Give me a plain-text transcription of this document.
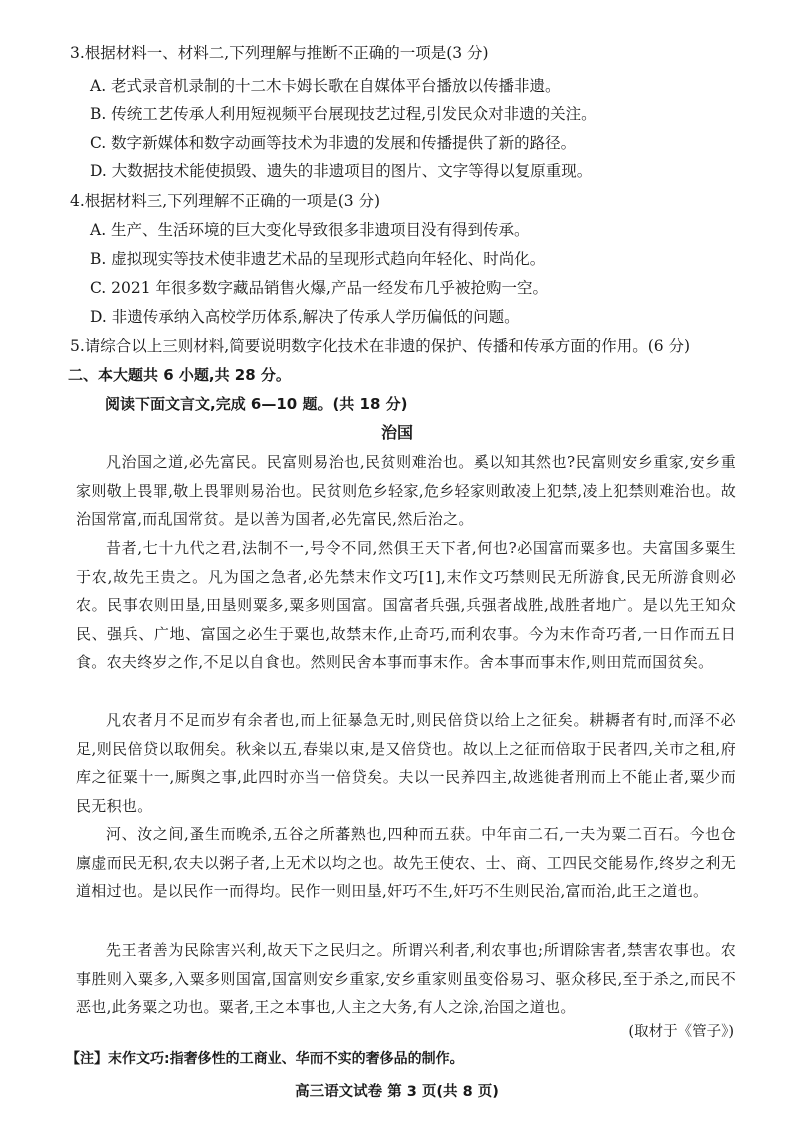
3.根据材料一、材料二,下列理解与推断不正确的一项是(3 分)
A. 老式录音机录制的十二木卡姆长歌在自媒体平台播放以传播非遗。
B. 传统工艺传承人利用短视频平台展现技艺过程,引发民众对非遗的关注。
C. 数字新媒体和数字动画等技术为非遗的发展和传播提供了新的路径。
D. 大数据技术能使损毁、遗失的非遗项目的图片、文字等得以复原重现。
4.根据材料三,下列理解不正确的一项是(3 分)
A. 生产、生活环境的巨大变化导致很多非遗项目没有得到传承。
B. 虚拟现实等技术使非遗艺术品的呈现形式趋向年轻化、时尚化。
C. 2021 年很多数字藏品销售火爆,产品一经发布几乎被抢购一空。
D. 非遗传承纳入高校学历体系,解决了传承人学历偏低的问题。
5.请综合以上三则材料,简要说明数字化技术在非遗的保护、传播和传承方面的作用。(6 分)
二、本大题共 6 小题,共 28 分。
阅读下面文言文,完成 6—10 题。(共 18 分)
治国
凡治国之道,必先富民。民富则易治也,民贫则难治也。奚以知其然也?民富则安乡重家,安乡重家则敬上畏罪,敬上畏罪则易治也。民贫则危乡轻家,危乡轻家则敢凌上犯禁,凌上犯禁则难治也。故治国常富,而乱国常贫。是以善为国者,必先富民,然后治之。
昔者,七十九代之君,法制不一,号令不同,然俱王天下者,何也?必国富而粟多也。夫富国多粟生于农,故先王贵之。凡为国之急者,必先禁末作文巧[1],末作文巧禁则民无所游食,民无所游食则必农。民事农则田垦,田垦则粟多,粟多则国富。国富者兵强,兵强者战胜,战胜者地广。是以先王知众民、强兵、广地、富国之必生于粟也,故禁末作,止奇巧,而利农事。今为末作奇巧者,一日作而五日食。农夫终岁之作,不足以自食也。然则民舍本事而事末作。舍本事而事末作,则田荒而国贫矣。
凡农者月不足而岁有余者也,而上征暴急无时,则民倍贷以给上之征矣。耕耨者有时,而泽不必足,则民倍贷以取佣矣。秋籴以五,春粜以束,是又倍贷也。故以上之征而倍取于民者四,关市之租,府库之征粟十一,厮舆之事,此四时亦当一倍贷矣。夫以一民养四主,故逃徙者刑而上不能止者,粟少而民无积也。
河、汝之间,蚤生而晚杀,五谷之所蕃熟也,四种而五获。中年亩二石,一夫为粟二百石。今也仓廪虚而民无积,农夫以粥子者,上无术以均之也。故先王使农、士、商、工四民交能易作,终岁之利无道相过也。是以民作一而得均。民作一则田垦,奸巧不生,奸巧不生则民治,富而治,此王之道也。
先王者善为民除害兴利,故天下之民归之。所谓兴利者,利农事也;所谓除害者,禁害农事也。农事胜则入粟多,入粟多则国富,国富则安乡重家,安乡重家则虽变俗易习、驱众移民,至于杀之,而民不恶也,此务粟之功也。粟者,王之本事也,人主之大务,有人之涂,治国之道也。
(取材于《管子》)
【注】末作文巧:指奢侈性的工商业、华而不实的奢侈品的制作。
高三语文试卷 第 3 页(共 8 页)
